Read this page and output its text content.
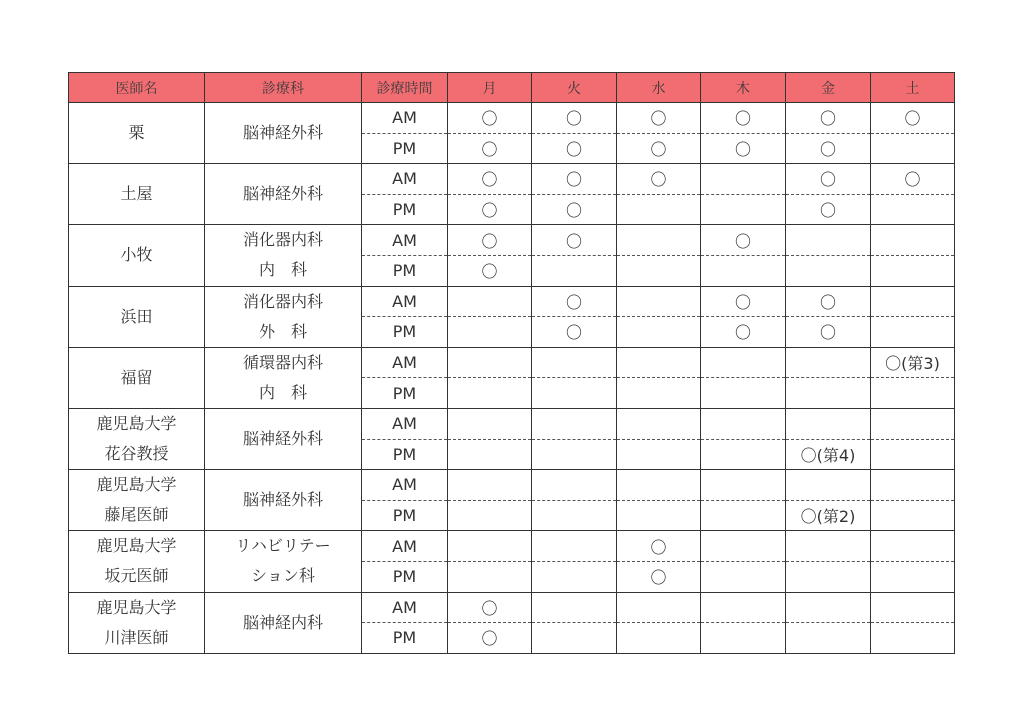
医師名	診療科	診療時間	月	火	水	木	金	土

栗	脳神経外科	AM	〇	〇	〇	〇	〇	〇
		PM	〇	〇	〇	〇	〇	

土屋	脳神経外科	AM	〇	〇	〇		〇	〇
		PM	〇	〇			〇	

小牧	消化器内科
内　科	AM	〇	〇		〇		
		PM	〇					

浜田	消化器内科
外　科	AM		〇		〇	〇	
		PM		〇		〇	〇	

福留	循環器内科
内　科	AM						〇(第3)
		PM						

鹿児島大学
花谷教授	脳神経外科	AM						
		PM					〇(第4)	

鹿児島大学
藤尾医師	脳神経外科	AM						
		PM					〇(第2)	

鹿児島大学
坂元医師	リハビリテー
ション科	AM			〇			
		PM			〇			

鹿児島大学
川津医師	脳神経内科	AM	〇					
		PM	〇					
